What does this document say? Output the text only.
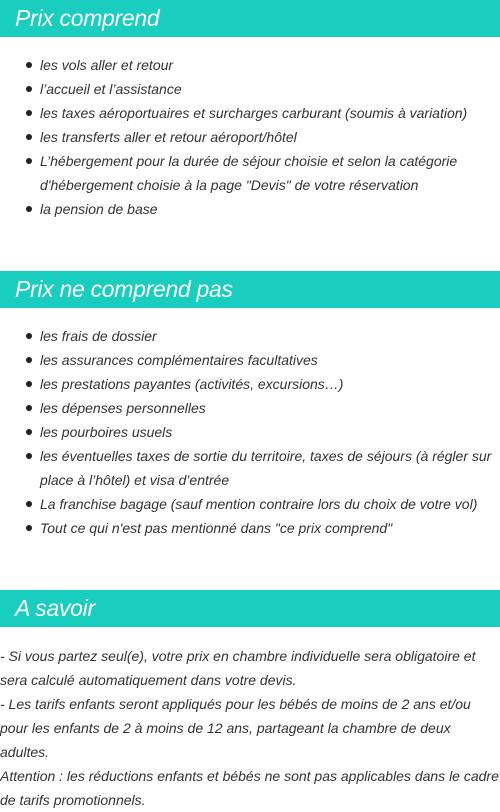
Prix comprend
les vols aller et retour
l’accueil et l’assistance
les taxes aéroportuaires et surcharges carburant (soumis à variation)
les transferts aller et retour aéroport/hôtel
L’hébergement pour la durée de séjour choisie et selon la catégorie d'hébergement choisie à la page "Devis" de votre réservation
la pension de base
Prix ne comprend pas
les frais de dossier
les assurances complémentaires facultatives
les prestations payantes (activités, excursions…)
les dépenses personnelles
les pourboires usuels
les éventuelles taxes de sortie du territoire, taxes de séjours (à régler sur place à l’hôtel) et visa d’entrée
La franchise bagage (sauf mention contraire lors du choix de votre vol)
Tout ce qui n'est pas mentionné dans "ce prix comprend"
A savoir

- Si vous partez seul(e), votre prix en chambre individuelle sera obligatoire et sera calculé automatiquement dans votre devis.

- Les tarifs enfants seront appliqués pour les bébés de moins de 2 ans et/ou pour les enfants de 2 à moins de 12 ans, partageant la chambre de deux adultes.

Attention : les réductions enfants et bébés ne sont pas applicables dans le cadre de tarifs promotionnels.
